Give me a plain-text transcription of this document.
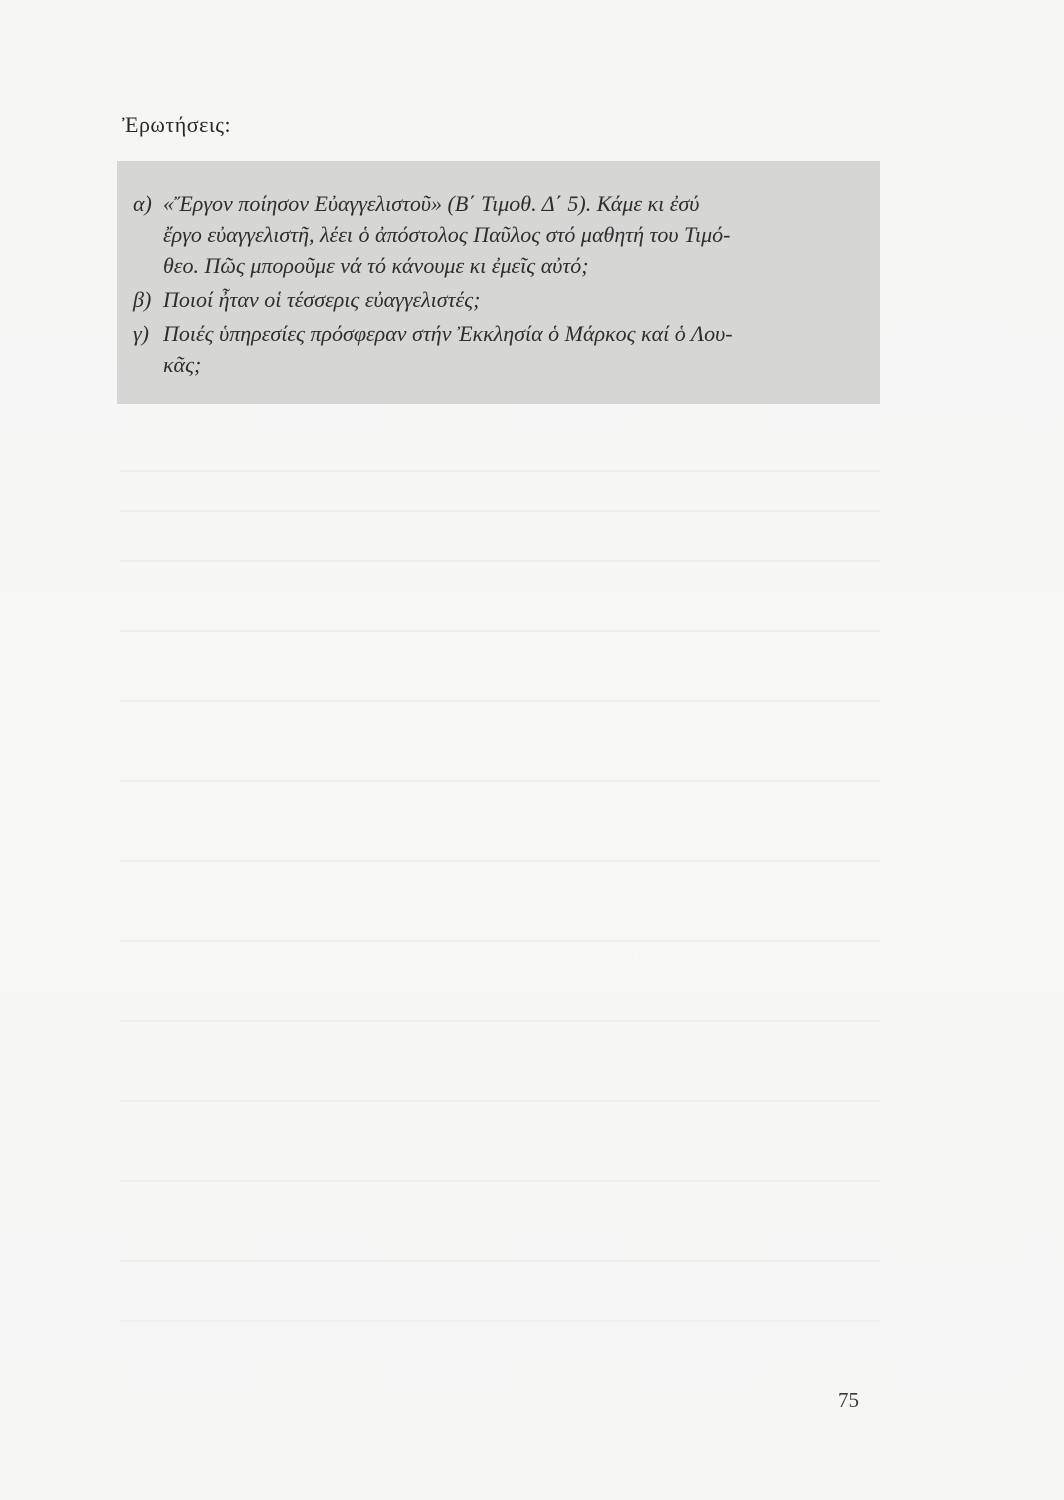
Ἐρωτήσεις:
α) «Ἔργον ποίησον Εὐαγγελιστοῦ» (Β΄ Τιμοθ. Δ΄ 5). Κάμε κι ἐσύ
ἔργο εὐαγγελιστῆ, λέει ὁ ἀπόστολος Παῦλος στό μαθητή του Τιμό-
θεο. Πῶς μποροῦμε νά τό κάνουμε κι ἐμεῖς αὐτό;
β) Ποιοί ἦταν οἱ τέσσερις εὐαγγελιστές;
γ) Ποιές ὑπηρεσίες πρόσφεραν στήν Ἐκκλησία ὁ Μάρκος καί ὁ Λου-
κᾶς;
75
